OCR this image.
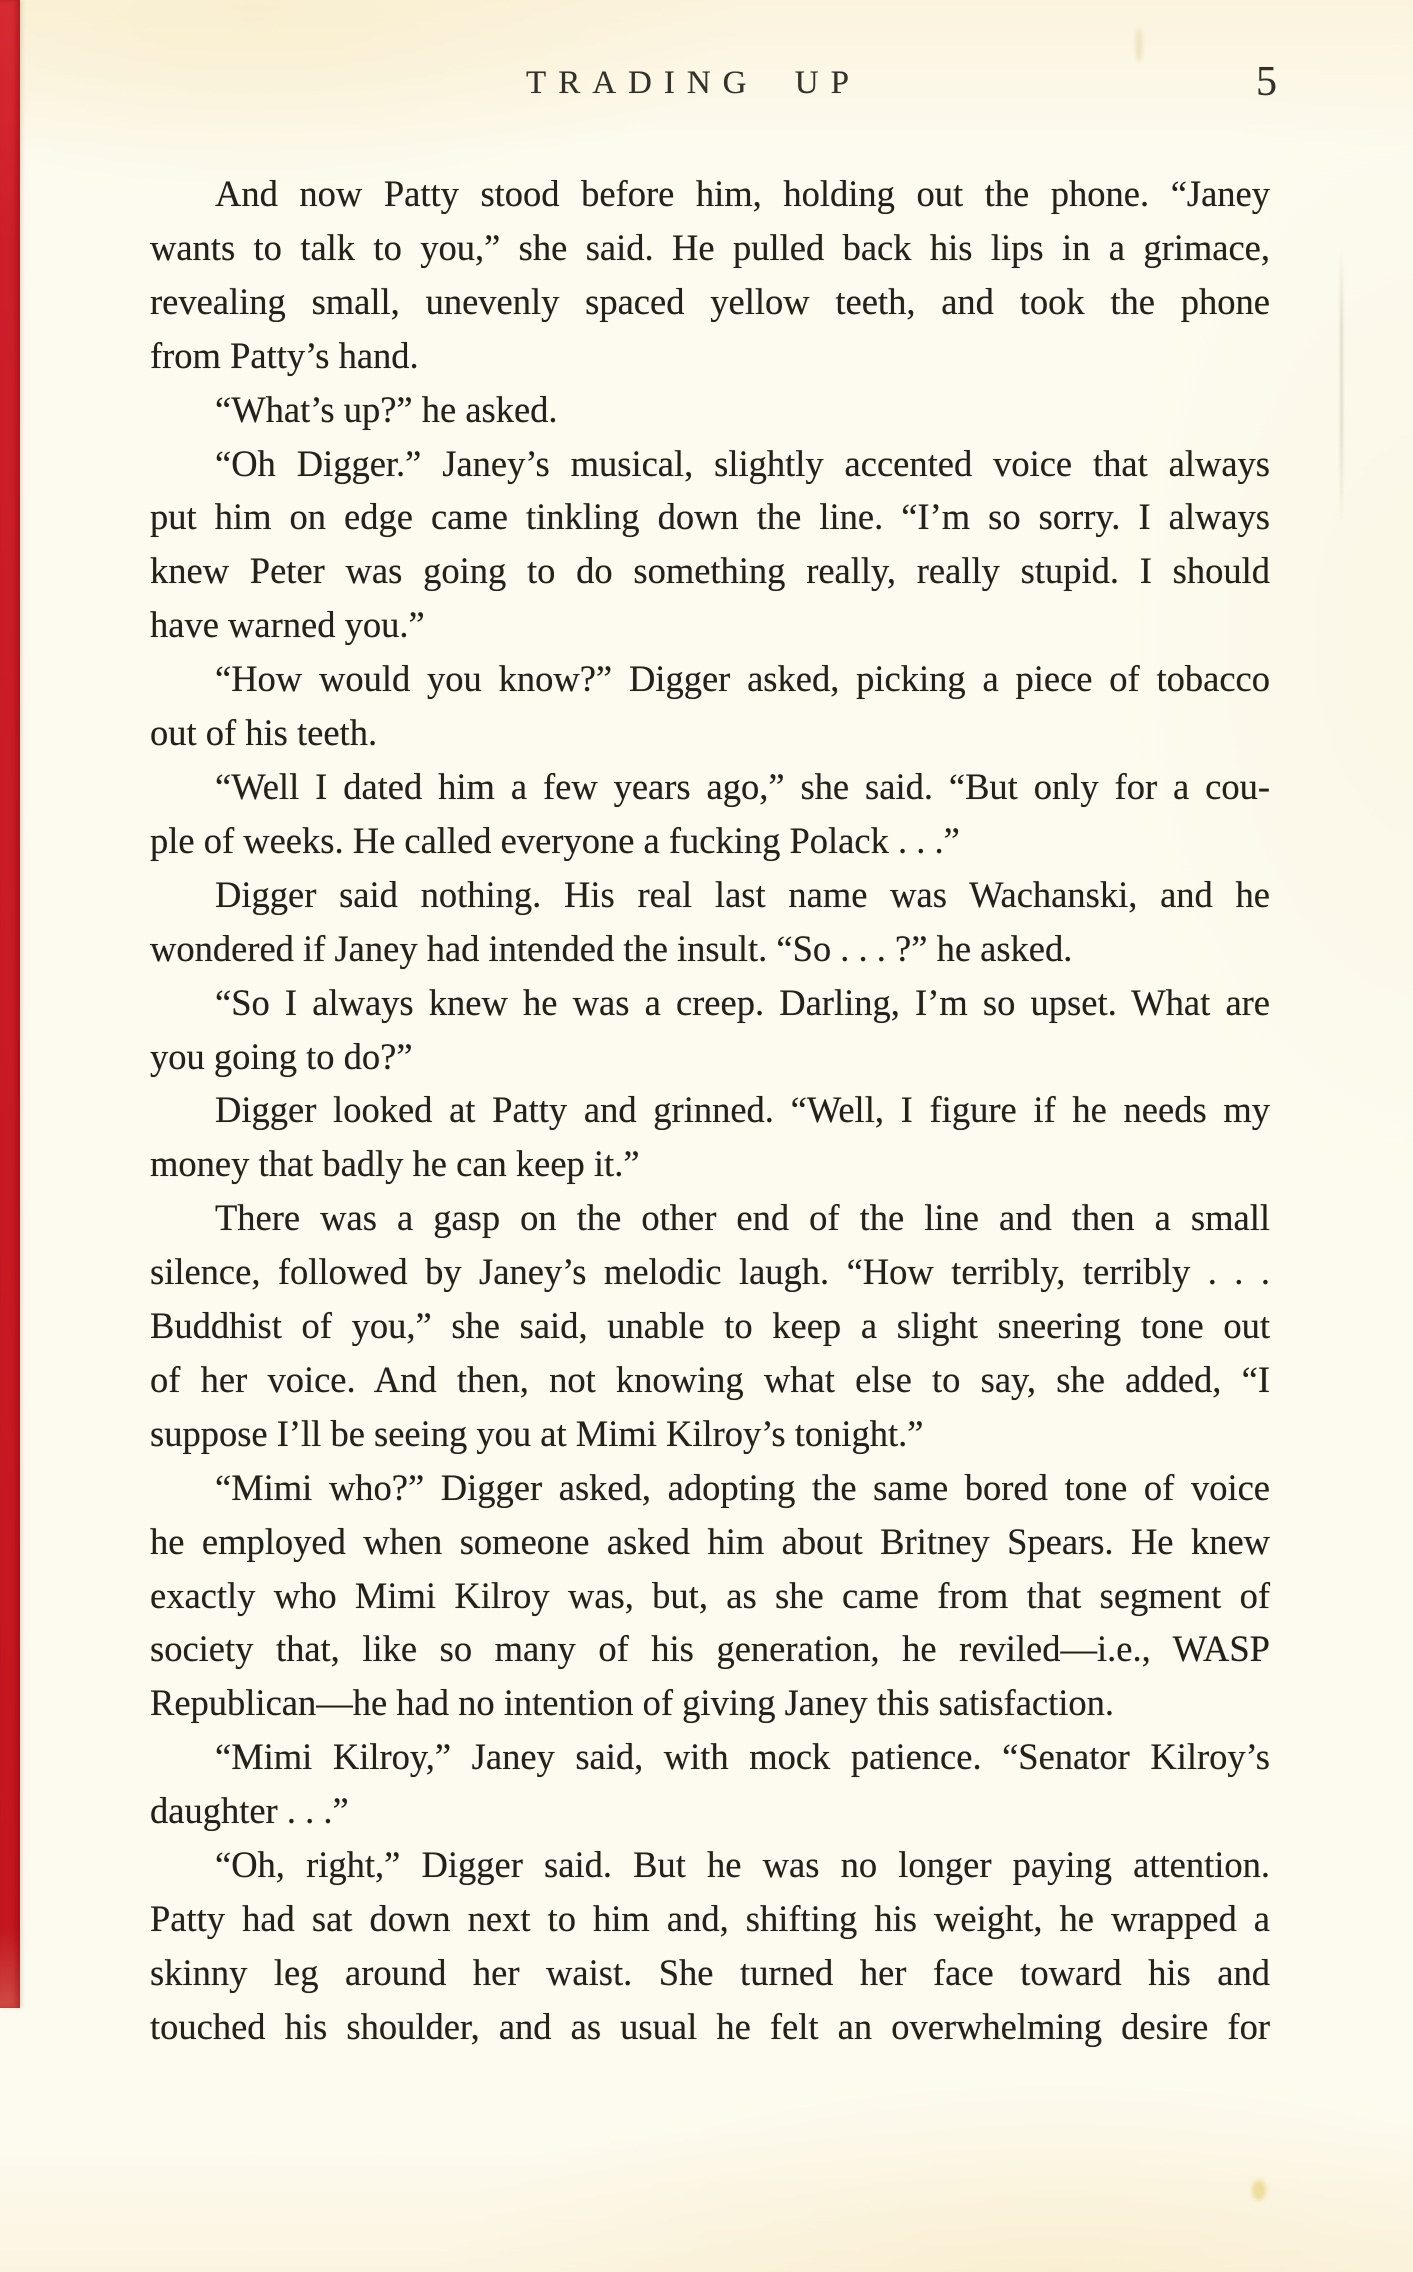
TRADING UP	5
And now Patty stood before him, holding out the phone. “Janey
wants to talk to you,” she said. He pulled back his lips in a grimace,
revealing small, unevenly spaced yellow teeth, and took the phone
from Patty’s hand.
“What’s up?” he asked.
“Oh Digger.” Janey’s musical, slightly accented voice that always
put him on edge came tinkling down the line. “I’m so sorry. I always
knew Peter was going to do something really, really stupid. I should
have warned you.”
“How would you know?” Digger asked, picking a piece of tobacco
out of his teeth.
“Well I dated him a few years ago,” she said. “But only for a cou-
ple of weeks. He called everyone a fucking Polack . . .”
Digger said nothing. His real last name was Wachanski, and he
wondered if Janey had intended the insult. “So . . . ?” he asked.
“So I always knew he was a creep. Darling, I’m so upset. What are
you going to do?”
Digger looked at Patty and grinned. “Well, I figure if he needs my
money that badly he can keep it.”
There was a gasp on the other end of the line and then a small
silence, followed by Janey’s melodic laugh. “How terribly, terribly . . .
Buddhist of you,” she said, unable to keep a slight sneering tone out
of her voice. And then, not knowing what else to say, she added, “I
suppose I’ll be seeing you at Mimi Kilroy’s tonight.”
“Mimi who?” Digger asked, adopting the same bored tone of voice
he employed when someone asked him about Britney Spears. He knew
exactly who Mimi Kilroy was, but, as she came from that segment of
society that, like so many of his generation, he reviled—i.e., WASP
Republican—he had no intention of giving Janey this satisfaction.
“Mimi Kilroy,” Janey said, with mock patience. “Senator Kilroy’s
daughter . . .”
“Oh, right,” Digger said. But he was no longer paying attention.
Patty had sat down next to him and, shifting his weight, he wrapped a
skinny leg around her waist. She turned her face toward his and
touched his shoulder, and as usual he felt an overwhelming desire for
